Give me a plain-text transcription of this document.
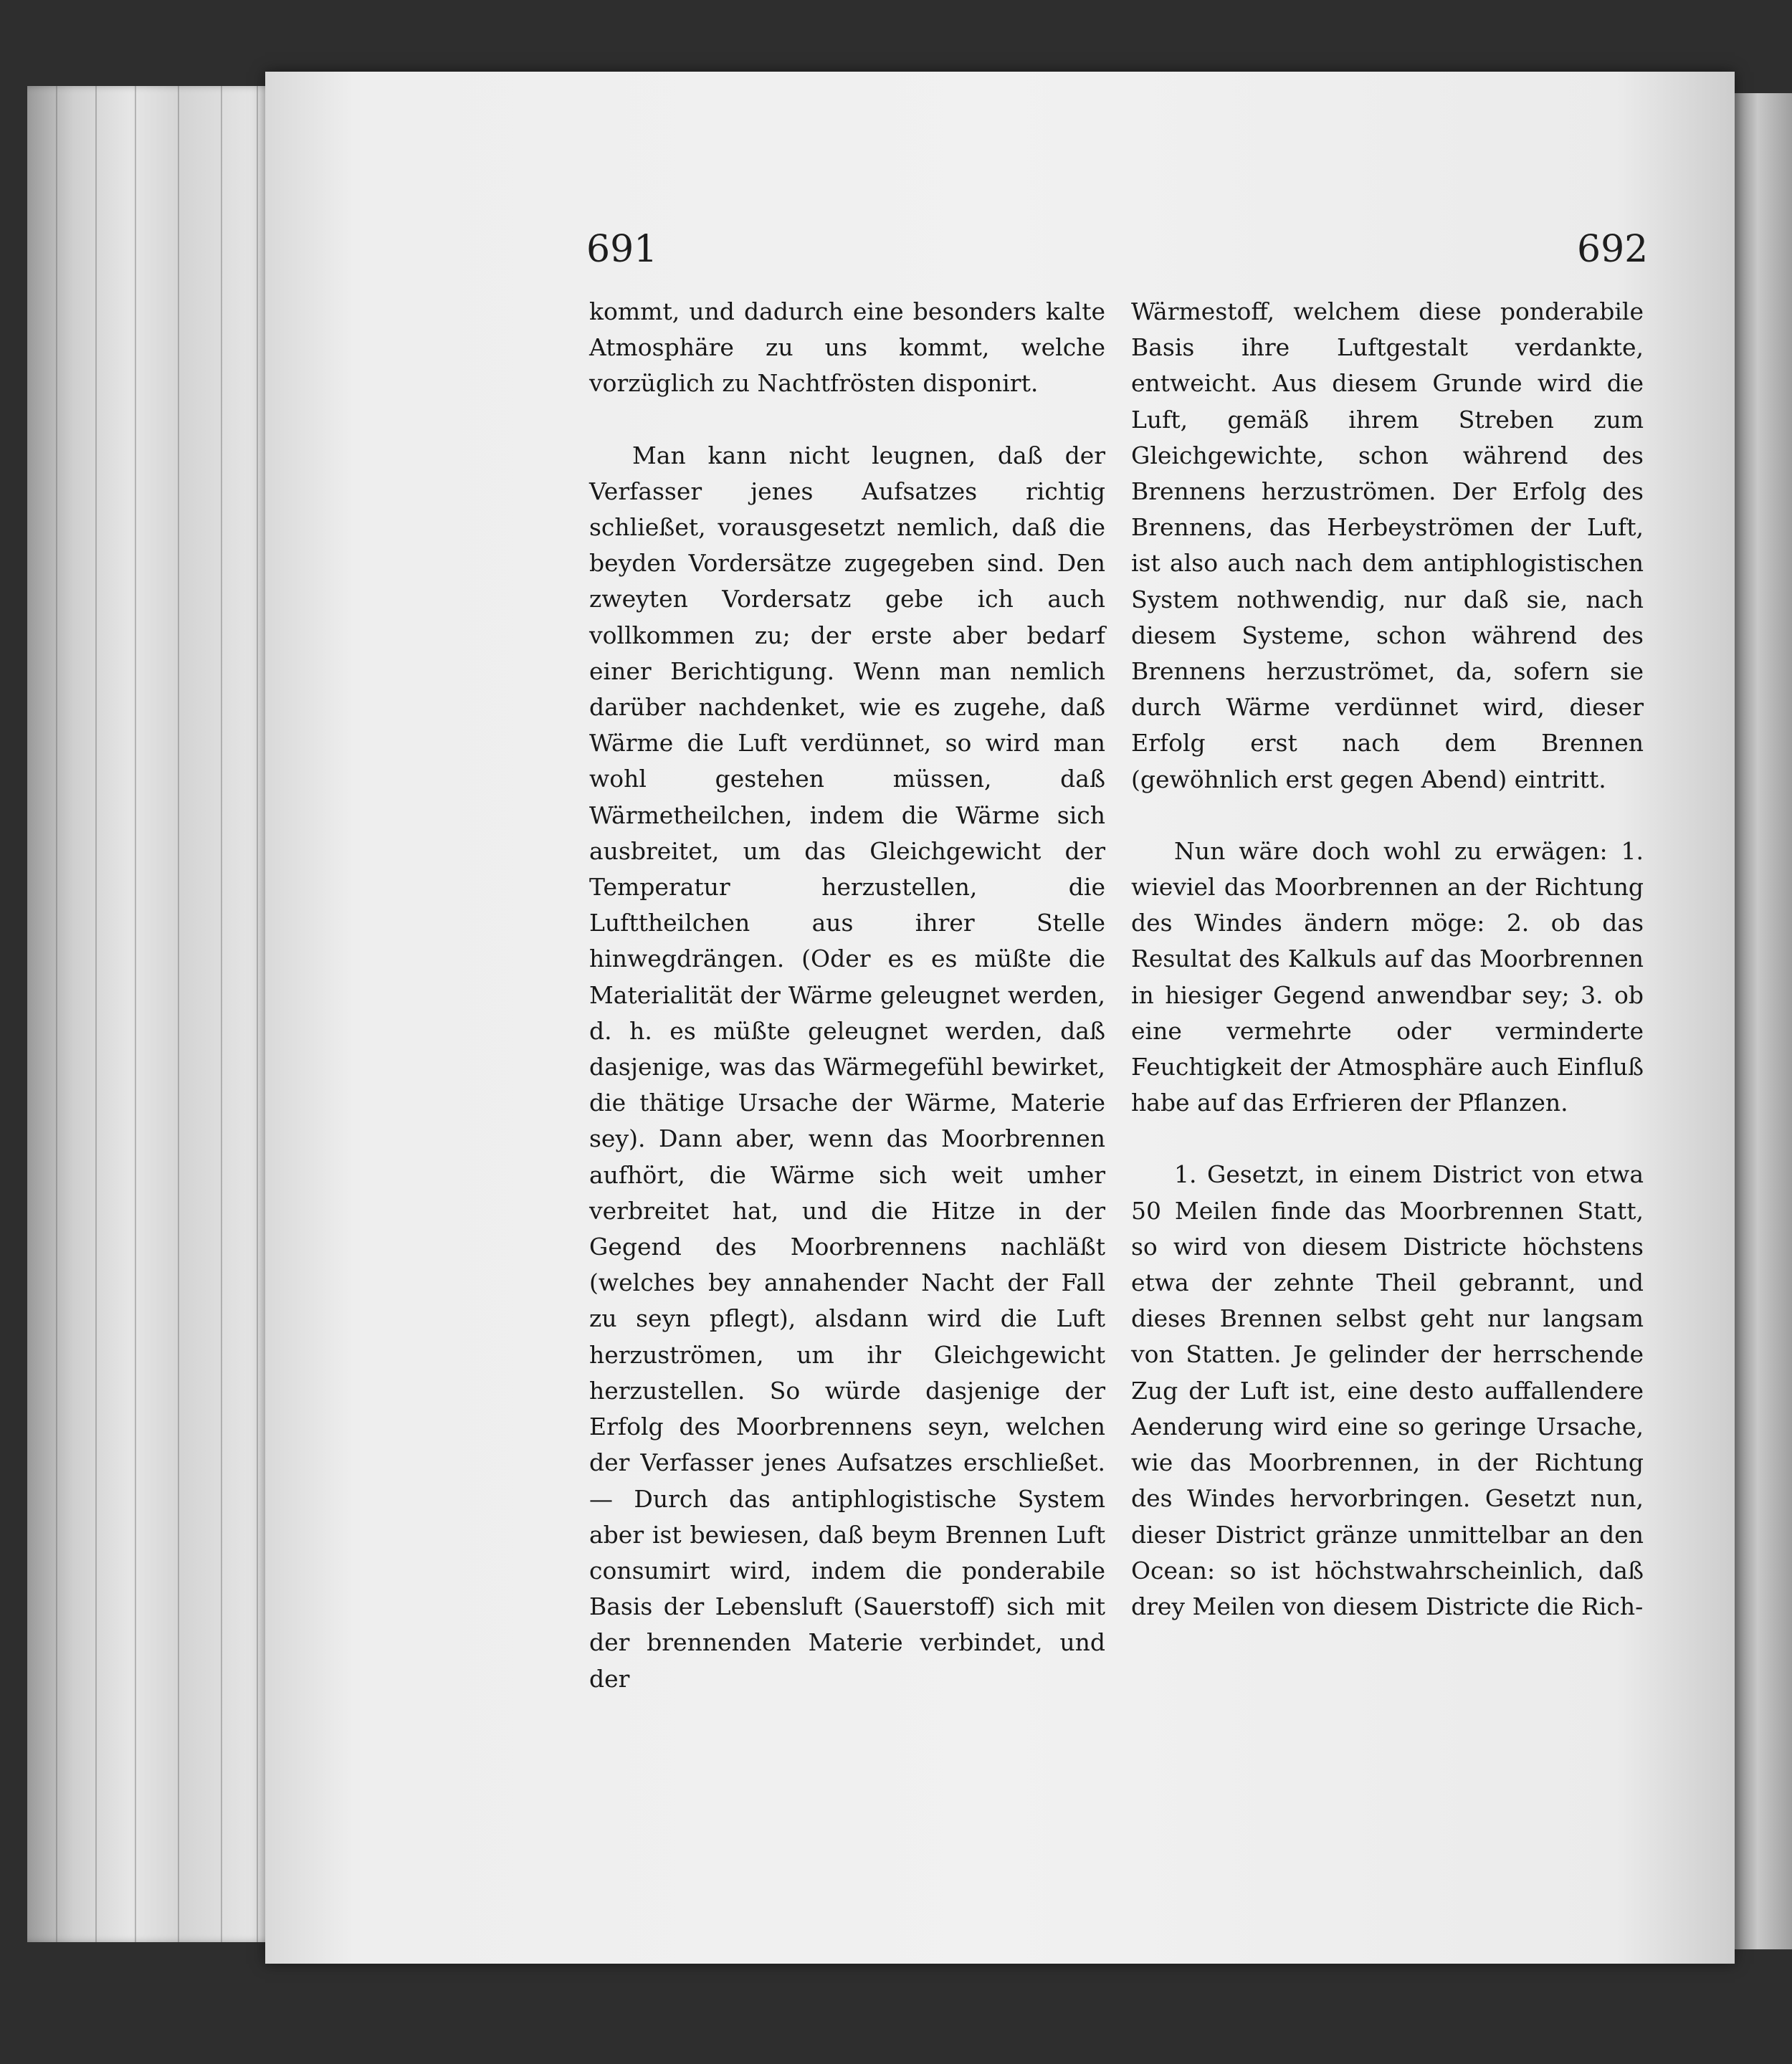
691	692

kommt, und dadurch eine besonders kalte Atmosphäre zu uns kommt, welche vorzüglich zu Nachtfrösten disponirt.

Man kann nicht leugnen, daß der Verfasser jenes Aufsatzes richtig schließet, vorausgesetzt nemlich, daß die beyden Vordersätze zugegeben sind. Den zweyten Vordersatz gebe ich auch vollkommen zu; der erste aber bedarf einer Berichtigung. Wenn man nemlich darüber nachdenket, wie es zugehe, daß Wärme die Luft verdünnet, so wird man wohl gestehen müssen, daß Wärmetheilchen, indem die Wärme sich ausbreitet, um das Gleichgewicht der Temperatur herzustellen, die Lufttheilchen aus ihrer Stelle hinwegdrängen. (Oder es es müßte die Materialität der Wärme geleugnet werden, d. h. es müßte geleugnet werden, daß dasjenige, was das Wärmegefühl bewirket, die thätige Ursache der Wärme, Materie sey). Dann aber, wenn das Moorbrennen aufhört, die Wärme sich weit umher verbreitet hat, und die Hitze in der Gegend des Moorbrennens nachläßt (welches bey annahender Nacht der Fall zu seyn pflegt), alsdann wird die Luft herzuströmen, um ihr Gleichgewicht herzustellen. So würde dasjenige der Erfolg des Moorbrennens seyn, welchen der Verfasser jenes Aufsatzes erschließet. — Durch das antiphlogistische System aber ist bewiesen, daß beym Brennen Luft consumirt wird, indem die ponderabile Basis der Lebensluft (Sauerstoff) sich mit der brennenden Materie verbindet, und der

Wärmestoff, welchem diese ponderabile Basis ihre Luftgestalt verdankte, entweicht. Aus diesem Grunde wird die Luft, gemäß ihrem Streben zum Gleichgewichte, schon während des Brennens herzuströmen. Der Erfolg des Brennens, das Herbeyströmen der Luft, ist also auch nach dem antiphlogistischen System nothwendig, nur daß sie, nach diesem Systeme, schon während des Brennens herzuströmet, da, sofern sie durch Wärme verdünnet wird, dieser Erfolg erst nach dem Brennen (gewöhnlich erst gegen Abend) eintritt.

Nun wäre doch wohl zu erwägen: 1. wieviel das Moorbrennen an der Richtung des Windes ändern möge: 2. ob das Resultat des Kalkuls auf das Moorbrennen in hiesiger Gegend anwendbar sey; 3. ob eine vermehrte oder verminderte Feuchtigkeit der Atmosphäre auch Einfluß habe auf das Erfrieren der Pflanzen.

1. Gesetzt, in einem District von etwa 50 Meilen finde das Moorbrennen Statt, so wird von diesem Districte höchstens etwa der zehnte Theil gebrannt, und dieses Brennen selbst geht nur langsam von Statten. Je gelinder der herrschende Zug der Luft ist, eine desto auffallendere Aenderung wird eine so geringe Ursache, wie das Moorbrennen, in der Richtung des Windes hervorbringen. Gesetzt nun, dieser District gränze unmittelbar an den Ocean: so ist höchstwahrscheinlich, daß drey Meilen von diesem Districte die Rich-
